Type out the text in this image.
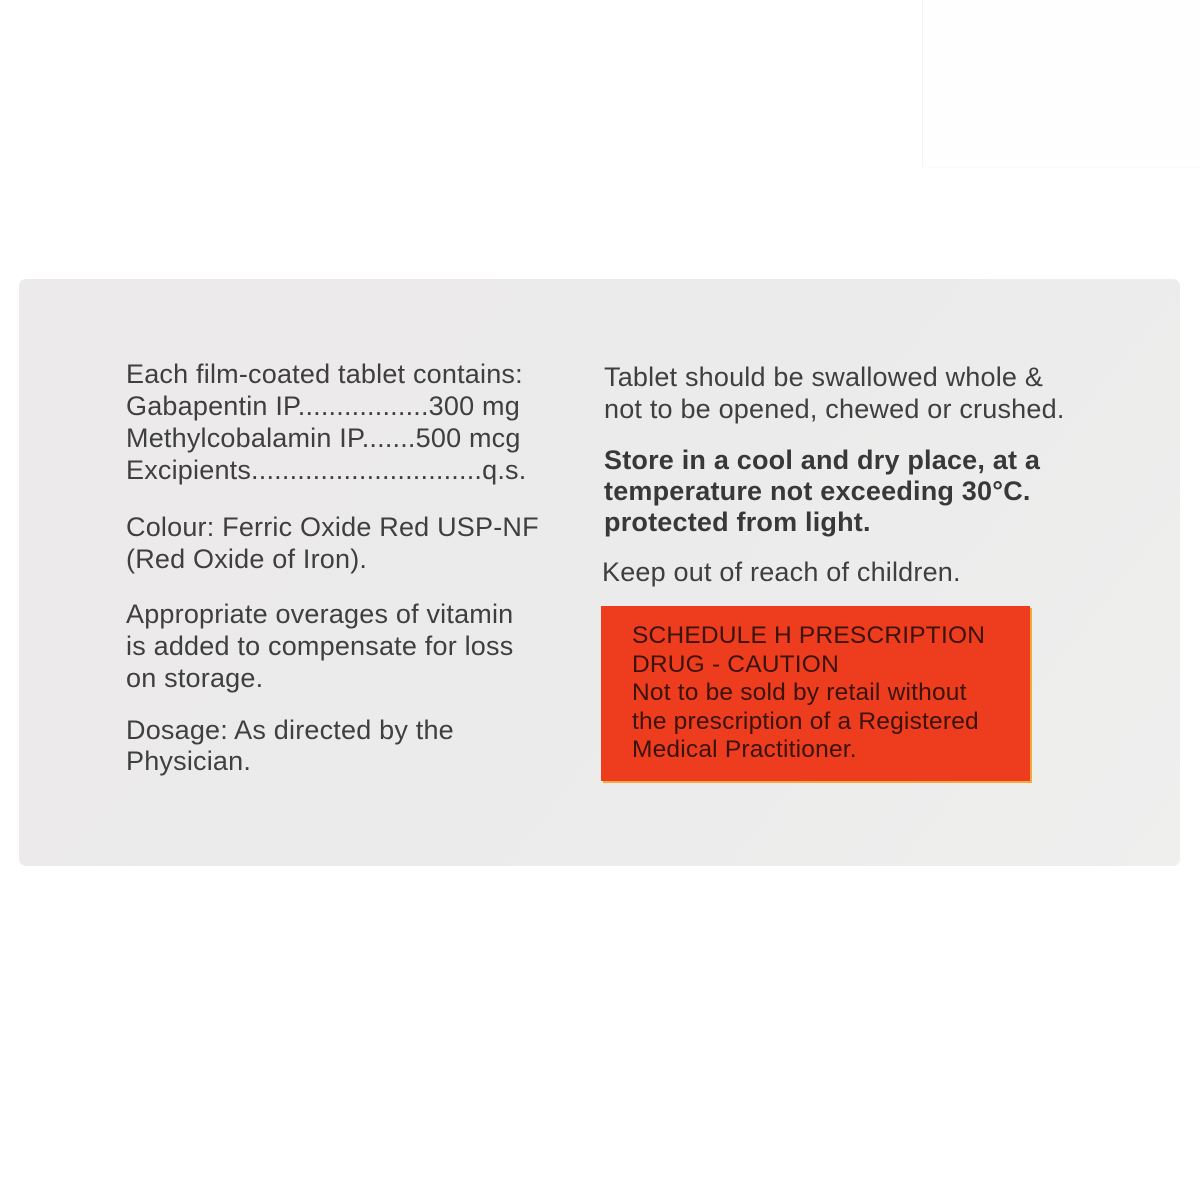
Each film-coated tablet contains:
Gabapentin IP.................300 mg
Methylcobalamin IP.......500 mcg
Excipients..............................q.s.
Colour: Ferric Oxide Red USP-NF
(Red Oxide of Iron).
Appropriate overages of vitamin
is added to compensate for loss
on storage.
Dosage: As directed by the
Physician.
Tablet should be swallowed whole &
not to be opened, chewed or crushed.
Store in a cool and dry place, at a
temperature not exceeding 30°C.
protected from light.
Keep out of reach of children.
SCHEDULE H PRESCRIPTION
DRUG - CAUTION
Not to be sold by retail without
the prescription of a Registered
Medical Practitioner.
